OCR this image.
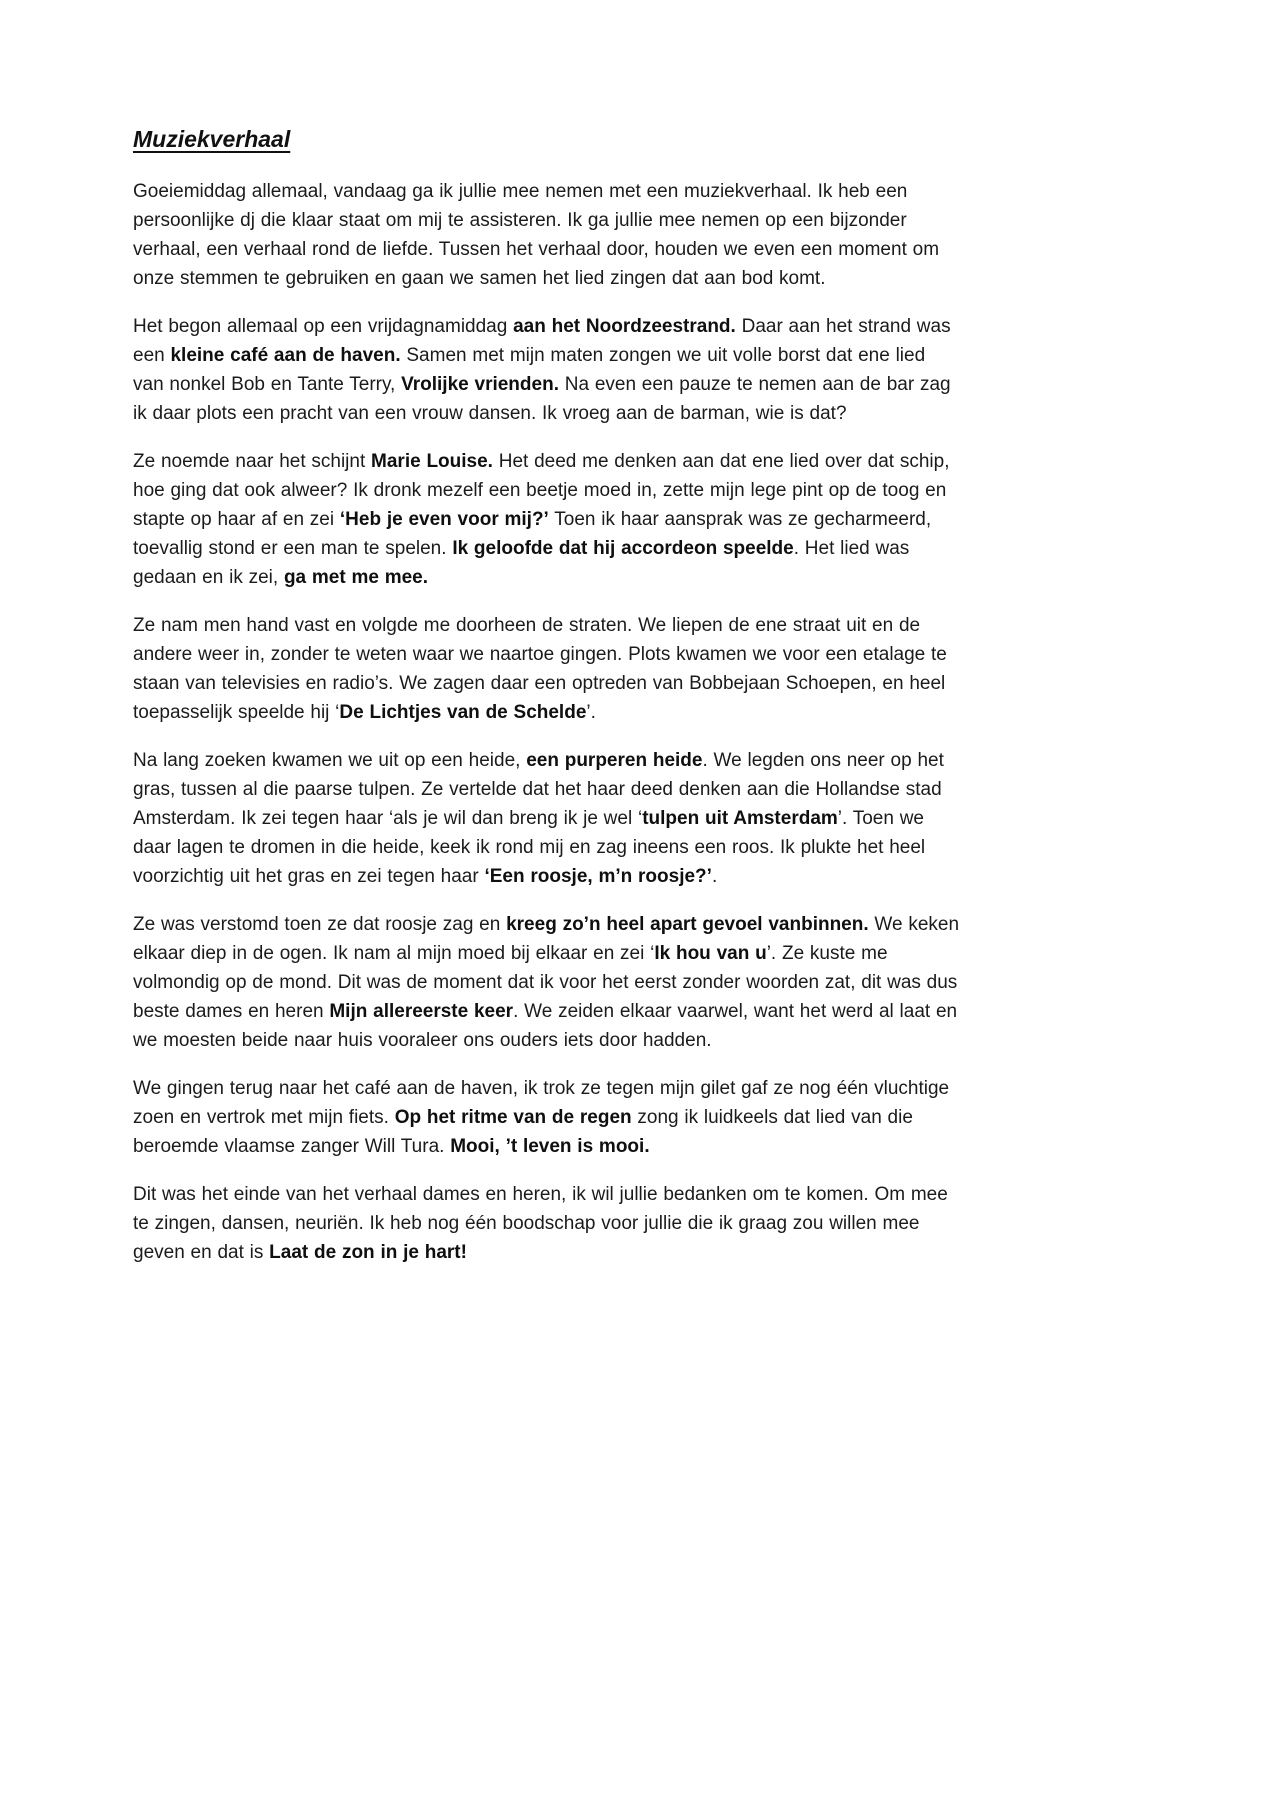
Muziekverhaal

Goeiemiddag allemaal, vandaag ga ik jullie mee nemen met een muziekverhaal. Ik heb een persoonlijke dj die klaar staat om mij te assisteren. Ik ga jullie mee nemen op een bijzonder verhaal, een verhaal rond de liefde. Tussen het verhaal door, houden we even een moment om onze stemmen te gebruiken en gaan we samen het lied zingen dat aan bod komt.

Het begon allemaal op een vrijdagnamiddag aan het Noordzeestrand. Daar aan het strand was een kleine café aan de haven. Samen met mijn maten zongen we uit volle borst dat ene lied van nonkel Bob en Tante Terry, Vrolijke vrienden. Na even een pauze te nemen aan de bar zag ik daar plots een pracht van een vrouw dansen. Ik vroeg aan de barman, wie is dat?

Ze noemde naar het schijnt Marie Louise. Het deed me denken aan dat ene lied over dat schip, hoe ging dat ook alweer? Ik dronk mezelf een beetje moed in, zette mijn lege pint op de toog en stapte op haar af en zei ‘Heb je even voor mij?’ Toen ik haar aansprak was ze gecharmeerd, toevallig stond er een man te spelen. Ik geloofde dat hij accordeon speelde. Het lied was gedaan en ik zei, ga met me mee.

Ze nam men hand vast en volgde me doorheen de straten. We liepen de ene straat uit en de andere weer in, zonder te weten waar we naartoe gingen. Plots kwamen we voor een etalage te staan van televisies en radio’s. We zagen daar een optreden van Bobbejaan Schoepen, en heel toepasselijk speelde hij ‘De Lichtjes van de Schelde’.

Na lang zoeken kwamen we uit op een heide, een purperen heide. We legden ons neer op het gras, tussen al die paarse tulpen. Ze vertelde dat het haar deed denken aan die Hollandse stad Amsterdam. Ik zei tegen haar ‘als je wil dan breng ik je wel ‘tulpen uit Amsterdam’. Toen we daar lagen te dromen in die heide, keek ik rond mij en zag ineens een roos. Ik plukte het heel voorzichtig uit het gras en zei tegen haar ‘Een roosje, m’n roosje?’.

Ze was verstomd toen ze dat roosje zag en kreeg zo’n heel apart gevoel vanbinnen. We keken elkaar diep in de ogen. Ik nam al mijn moed bij elkaar en zei ‘Ik hou van u’. Ze kuste me volmondig op de mond. Dit was de moment dat ik voor het eerst zonder woorden zat, dit was dus beste dames en heren Mijn allereerste keer. We zeiden elkaar vaarwel, want het werd al laat en we moesten beide naar huis vooraleer ons ouders iets door hadden.

We gingen terug naar het café aan de haven, ik trok ze tegen mijn gilet gaf ze nog één vluchtige zoen en vertrok met mijn fiets. Op het ritme van de regen zong ik luidkeels dat lied van die beroemde vlaamse zanger Will Tura. Mooi, ’t leven is mooi.

Dit was het einde van het verhaal dames en heren, ik wil jullie bedanken om te komen. Om mee te zingen, dansen, neuriën. Ik heb nog één boodschap voor jullie die ik graag zou willen mee geven en dat is Laat de zon in je hart!
